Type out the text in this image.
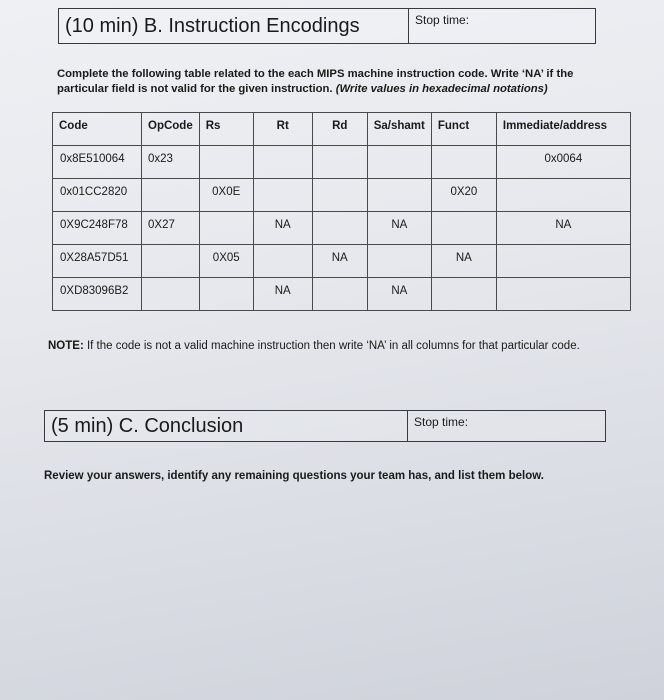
(10 min) B. Instruction Encodings	Stop time:
Complete the following table related to the each MIPS machine instruction code. Write ‘NA’ if the particular field is not valid for the given instruction. (Write values in hexadecimal notations)
Code	OpCode	Rs	Rt	Rd	Sa/shamt	Funct	Immediate/address
0x8E510064	0x23						0x0064
0x01CC2820		0X0E				0X20	
0X9C248F78	0X27		NA		NA		NA
0X28A57D51		0X05		NA		NA	
0XD83096B2			NA		NA		
NOTE: If the code is not a valid machine instruction then write ‘NA’ in all columns for that particular code.
(5 min) C. Conclusion	Stop time:
Review your answers, identify any remaining questions your team has, and list them below.
